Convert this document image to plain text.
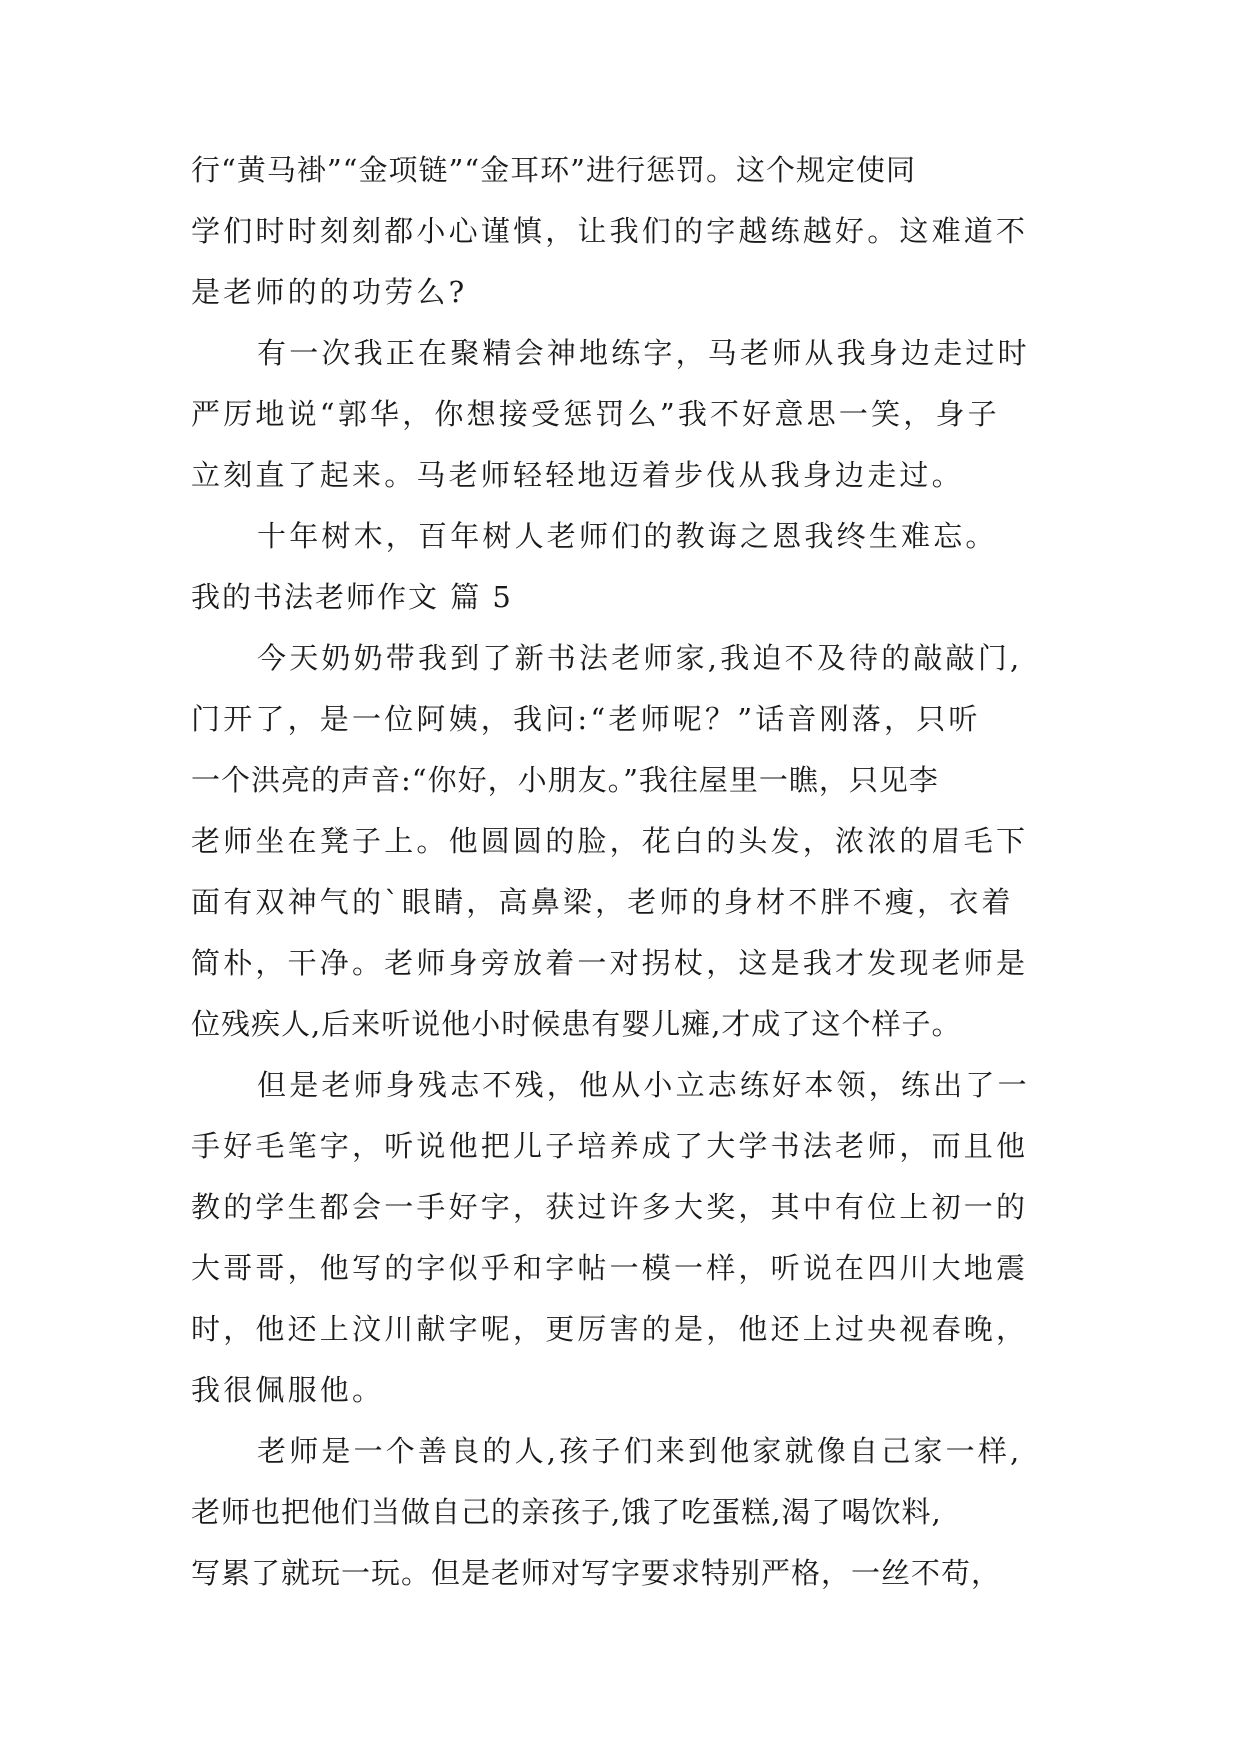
行“黄马褂”“金项链”“金耳环”进行惩罚。这个规定使同
学们时时刻刻都小心谨慎，让我们的字越练越好。这难道不
是老师的的功劳么?
有一次我正在聚精会神地练字，马老师从我身边走过时
严厉地说“郭华，你想接受惩罚么”我不好意思一笑，身子
立刻直了起来。马老师轻轻地迈着步伐从我身边走过。
十年树木，百年树人老师们的教诲之恩我终生难忘。
我的书法老师作文 篇 5
今天奶奶带我到了新书法老师家,我迫不及待的敲敲门,
门开了，是一位阿姨，我问:“老师呢？”话音刚落，只听
一个洪亮的声音:“你好，小朋友。”我往屋里一瞧，只见李
老师坐在凳子上。他圆圆的脸，花白的头发，浓浓的眉毛下
面有双神气的`眼睛，高鼻梁，老师的身材不胖不瘦，衣着
简朴，干净。老师身旁放着一对拐杖，这是我才发现老师是
位残疾人,后来听说他小时候患有婴儿瘫,才成了这个样子。
但是老师身残志不残，他从小立志练好本领，练出了一
手好毛笔字，听说他把儿子培养成了大学书法老师，而且他
教的学生都会一手好字，获过许多大奖，其中有位上初一的
大哥哥，他写的字似乎和字帖一模一样，听说在四川大地震
时，他还上汶川献字呢，更厉害的是，他还上过央视春晚，
我很佩服他。
老师是一个善良的人,孩子们来到他家就像自己家一样,
老师也把他们当做自己的亲孩子,饿了吃蛋糕,渴了喝饮料,
写累了就玩一玩。但是老师对写字要求特别严格，一丝不苟，
